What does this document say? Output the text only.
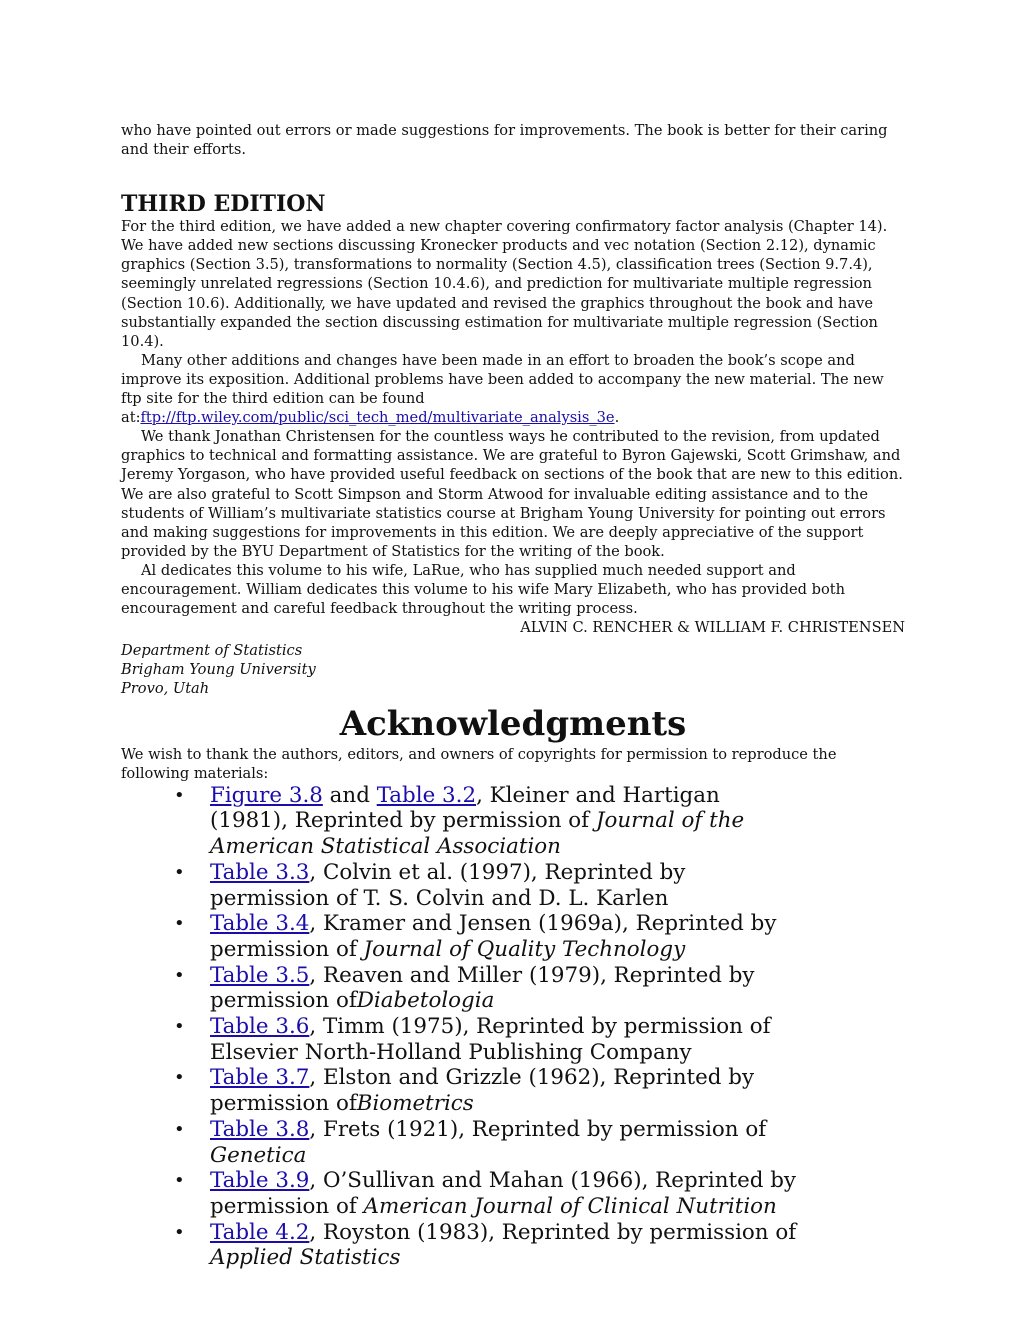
who have pointed out errors or made suggestions for improvements. The book is better for their caring and their efforts.

THIRD EDITION

For the third edition, we have added a new chapter covering confirmatory factor analysis (Chapter 14). We have added new sections discussing Kronecker products and vec notation (Section 2.12), dynamic graphics (Section 3.5), transformations to normality (Section 4.5), classification trees (Section 9.7.4), seemingly unrelated regressions (Section 10.4.6), and prediction for multivariate multiple regression (Section 10.6). Additionally, we have updated and revised the graphics throughout the book and have substantially expanded the section discussing estimation for multivariate multiple regression (Section 10.4).

Many other additions and changes have been made in an effort to broaden the book’s scope and improve its exposition. Additional problems have been added to accompany the new material. The new ftp site for the third edition can be found at:ftp://ftp.wiley.com/public/sci_tech_med/multivariate_analysis_3e.

We thank Jonathan Christensen for the countless ways he contributed to the revision, from updated graphics to technical and formatting assistance. We are grateful to Byron Gajewski, Scott Grimshaw, and Jeremy Yorgason, who have provided useful feedback on sections of the book that are new to this edition. We are also grateful to Scott Simpson and Storm Atwood for invaluable editing assistance and to the students of William’s multivariate statistics course at Brigham Young University for pointing out errors and making suggestions for improvements in this edition. We are deeply appreciative of the support provided by the BYU Department of Statistics for the writing of the book.

Al dedicates this volume to his wife, LaRue, who has supplied much needed support and encouragement. William dedicates this volume to his wife Mary Elizabeth, who has provided both encouragement and careful feedback throughout the writing process.

ALVIN C. RENCHER & WILLIAM F. CHRISTENSEN

Department of Statistics

Brigham Young University

Provo, Utah

Acknowledgments

We wish to thank the authors, editors, and owners of copyrights for permission to reproduce the following materials:

• Figure 3.8 and Table 3.2, Kleiner and Hartigan (1981), Reprinted by permission of Journal of the American Statistical Association
• Table 3.3, Colvin et al. (1997), Reprinted by permission of T. S. Colvin and D. L. Karlen
• Table 3.4, Kramer and Jensen (1969a), Reprinted by permission of Journal of Quality Technology
• Table 3.5, Reaven and Miller (1979), Reprinted by permission ofDiabetologia
• Table 3.6, Timm (1975), Reprinted by permission of Elsevier North-Holland Publishing Company
• Table 3.7, Elston and Grizzle (1962), Reprinted by permission ofBiometrics
• Table 3.8, Frets (1921), Reprinted by permission of Genetica
• Table 3.9, O’Sullivan and Mahan (1966), Reprinted by permission of American Journal of Clinical Nutrition
• Table 4.2, Royston (1983), Reprinted by permission of Applied Statistics
